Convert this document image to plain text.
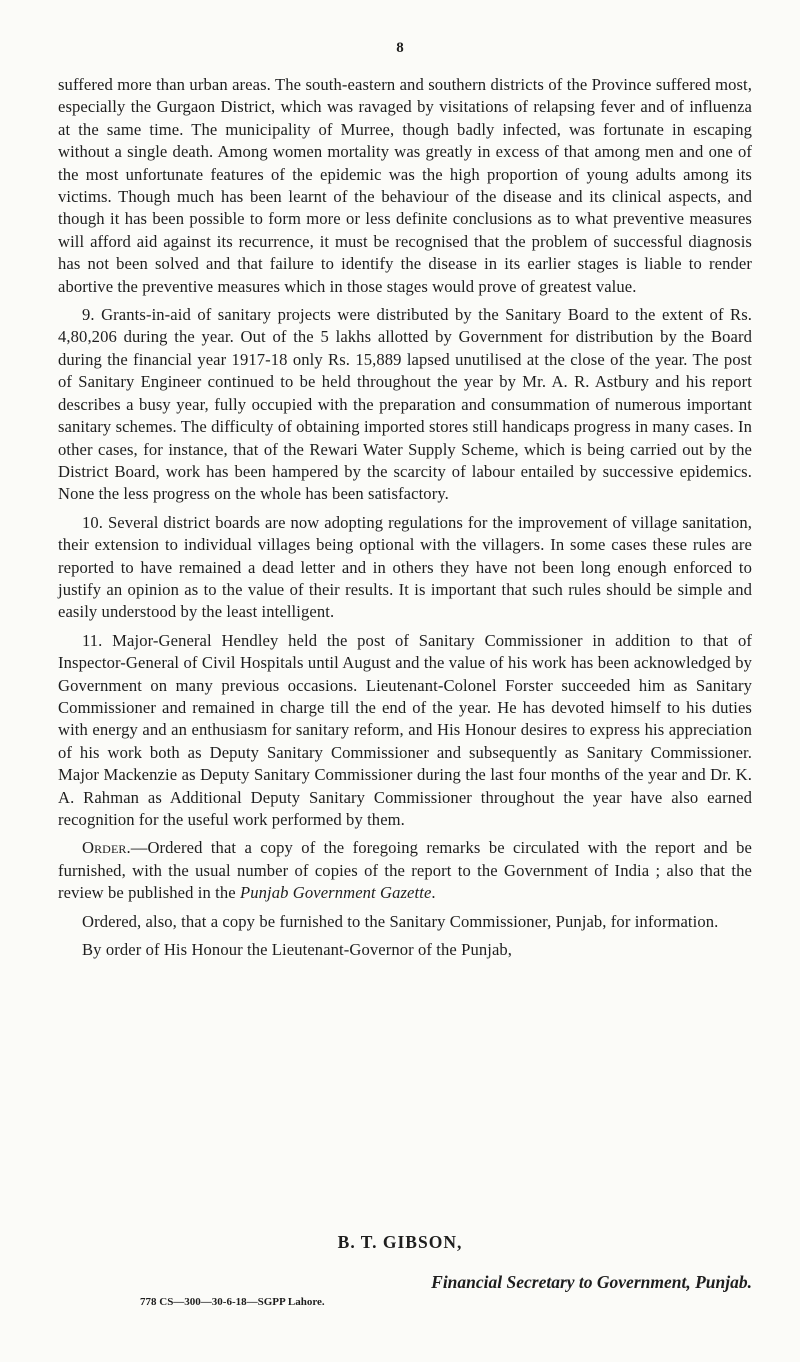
8

suffered more than urban areas. The south-eastern and southern districts of the Province suffered most, especially the Gurgaon District, which was ravaged by visitations of relapsing fever and of influenza at the same time. The municipality of Murree, though badly infected, was fortunate in escaping without a single death. Among women mortality was greatly in excess of that among men and one of the most unfortunate features of the epidemic was the high proportion of young adults among its victims. Though much has been learnt of the behaviour of the disease and its clinical aspects, and though it has been possible to form more or less definite conclusions as to what preventive measures will afford aid against its recurrence, it must be recognised that the problem of successful diagnosis has not been solved and that failure to identify the disease in its earlier stages is liable to render abortive the preventive measures which in those stages would prove of greatest value.

9. Grants-in-aid of sanitary projects were distributed by the Sanitary Board to the extent of Rs. 4,80,206 during the year. Out of the 5 lakhs allotted by Government for distribution by the Board during the financial year 1917-18 only Rs. 15,889 lapsed unutilised at the close of the year. The post of Sanitary Engineer continued to be held throughout the year by Mr. A. R. Astbury and his report describes a busy year, fully occupied with the preparation and consummation of numerous important sanitary schemes. The difficulty of obtaining imported stores still handicaps progress in many cases. In other cases, for instance, that of the Rewari Water Supply Scheme, which is being carried out by the District Board, work has been hampered by the scarcity of labour entailed by successive epidemics. None the less progress on the whole has been satisfactory.

10. Several district boards are now adopting regulations for the improvement of village sanitation, their extension to individual villages being optional with the villagers. In some cases these rules are reported to have remained a dead letter and in others they have not been long enough enforced to justify an opinion as to the value of their results. It is important that such rules should be simple and easily understood by the least intelligent.

11. Major-General Hendley held the post of Sanitary Commissioner in addition to that of Inspector-General of Civil Hospitals until August and the value of his work has been acknowledged by Government on many previous occasions. Lieutenant-Colonel Forster succeeded him as Sanitary Commissioner and remained in charge till the end of the year. He has devoted himself to his duties with energy and an enthusiasm for sanitary reform, and His Honour desires to express his appreciation of his work both as Deputy Sanitary Commissioner and subsequently as Sanitary Commissioner. Major Mackenzie as Deputy Sanitary Commissioner during the last four months of the year and Dr. K. A. Rahman as Additional Deputy Sanitary Commissioner throughout the year have also earned recognition for the useful work performed by them.

Order.—Ordered that a copy of the foregoing remarks be circulated with the report and be furnished, with the usual number of copies of the report to the Government of India ; also that the review be published in the Punjab Government Gazette.

Ordered, also, that a copy be furnished to the Sanitary Commissioner, Punjab, for information.

By order of His Honour the Lieutenant-Governor of the Punjab,

B. T. GIBSON,
Financial Secretary to Government, Punjab.
778 CS—300—30-6-18—SGPP Lahore.
